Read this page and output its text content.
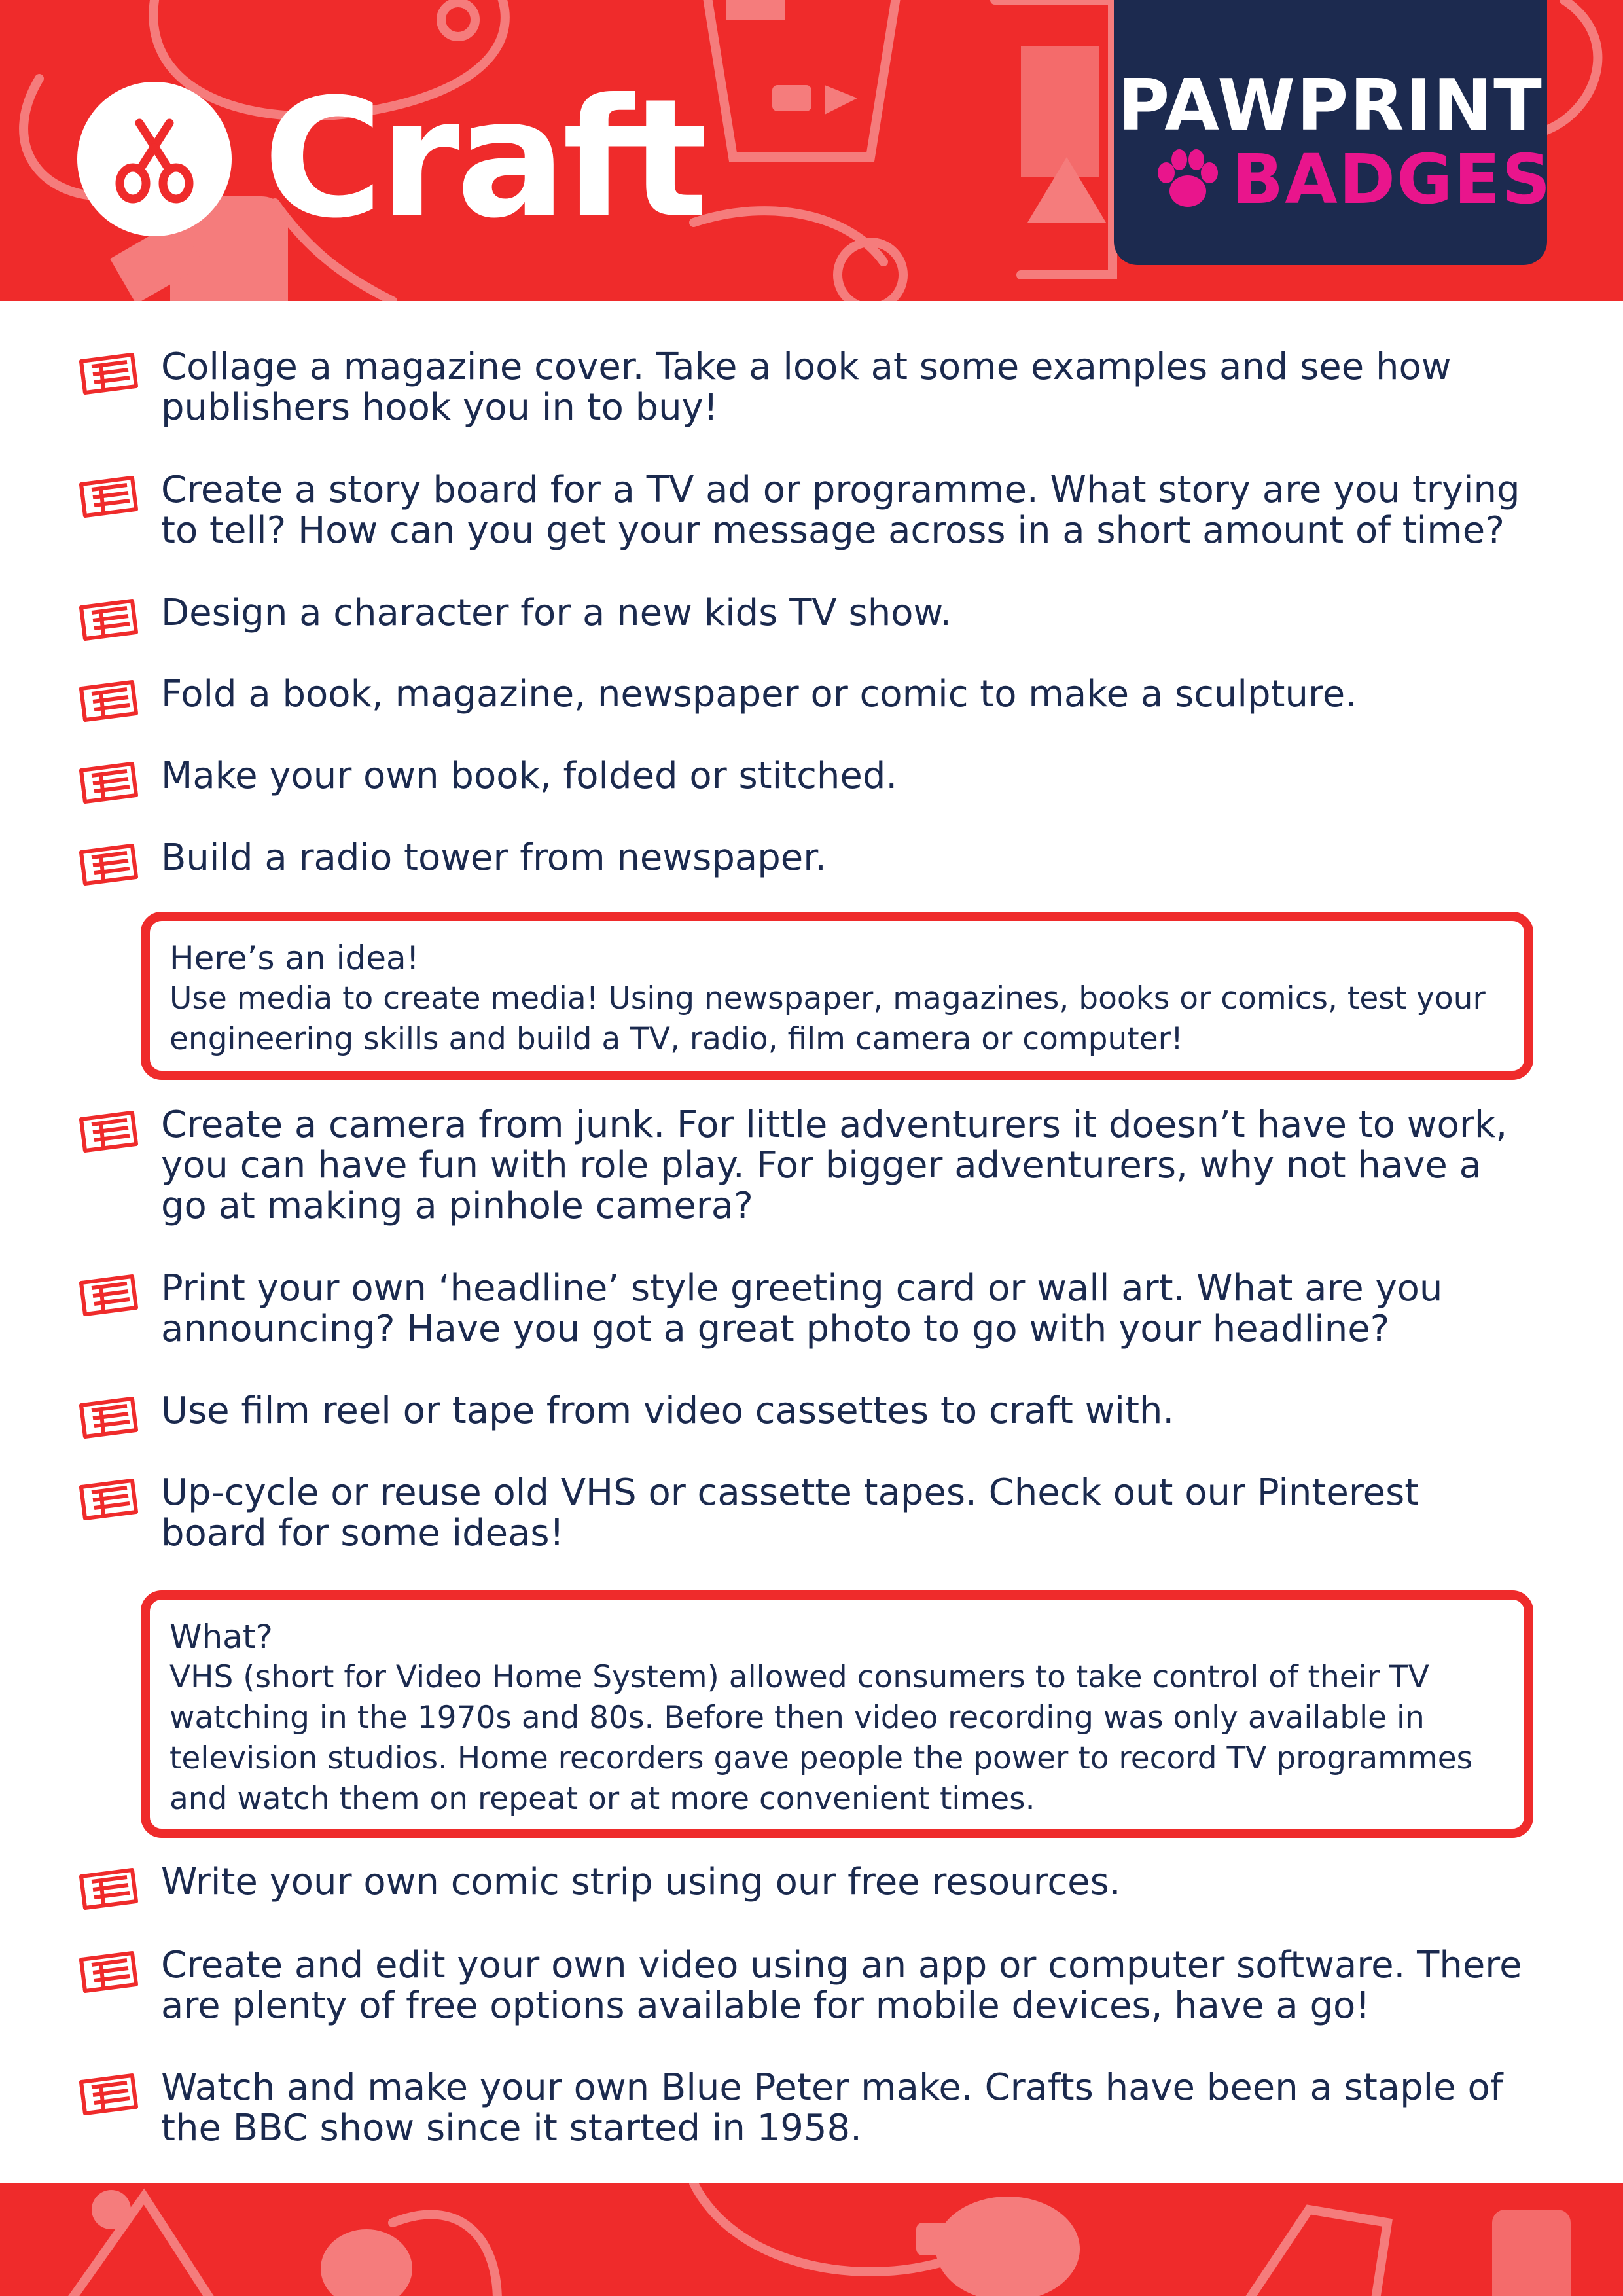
Craft	PAWPRINT
BADGES
Collage a magazine cover. Take a look at some examples and see how publishers hook you in to buy!
Create a story board for a TV ad or programme. What story are you trying to tell? How can you get your message across in a short amount of time?
Design a character for a new kids TV show.
Fold a book, magazine, newspaper or comic to make a sculpture.
Make your own book, folded or stitched.
Build a radio tower from newspaper.
Here’s an idea!
Use media to create media! Using newspaper, magazines, books or comics, test your engineering skills and build a TV, radio, film camera or computer!
Create a camera from junk. For little adventurers it doesn’t have to work, you can have fun with role play. For bigger adventurers, why not have a go at making a pinhole camera?
Print your own ‘headline’ style greeting card or wall art. What are you announcing? Have you got a great photo to go with your headline?
Use film reel or tape from video cassettes to craft with.
Up-cycle or reuse old VHS or cassette tapes. Check out our Pinterest board for some ideas!
What?
VHS (short for Video Home System) allowed consumers to take control of their TV watching in the 1970s and 80s. Before then video recording was only available in television studios. Home recorders gave people the power to record TV programmes and watch them on repeat or at more convenient times.
Write your own comic strip using our free resources.
Create and edit your own video using an app or computer software. There are plenty of free options available for mobile devices, have a go!
Watch and make your own Blue Peter make. Crafts have been a staple of the BBC show since it started in 1958.
